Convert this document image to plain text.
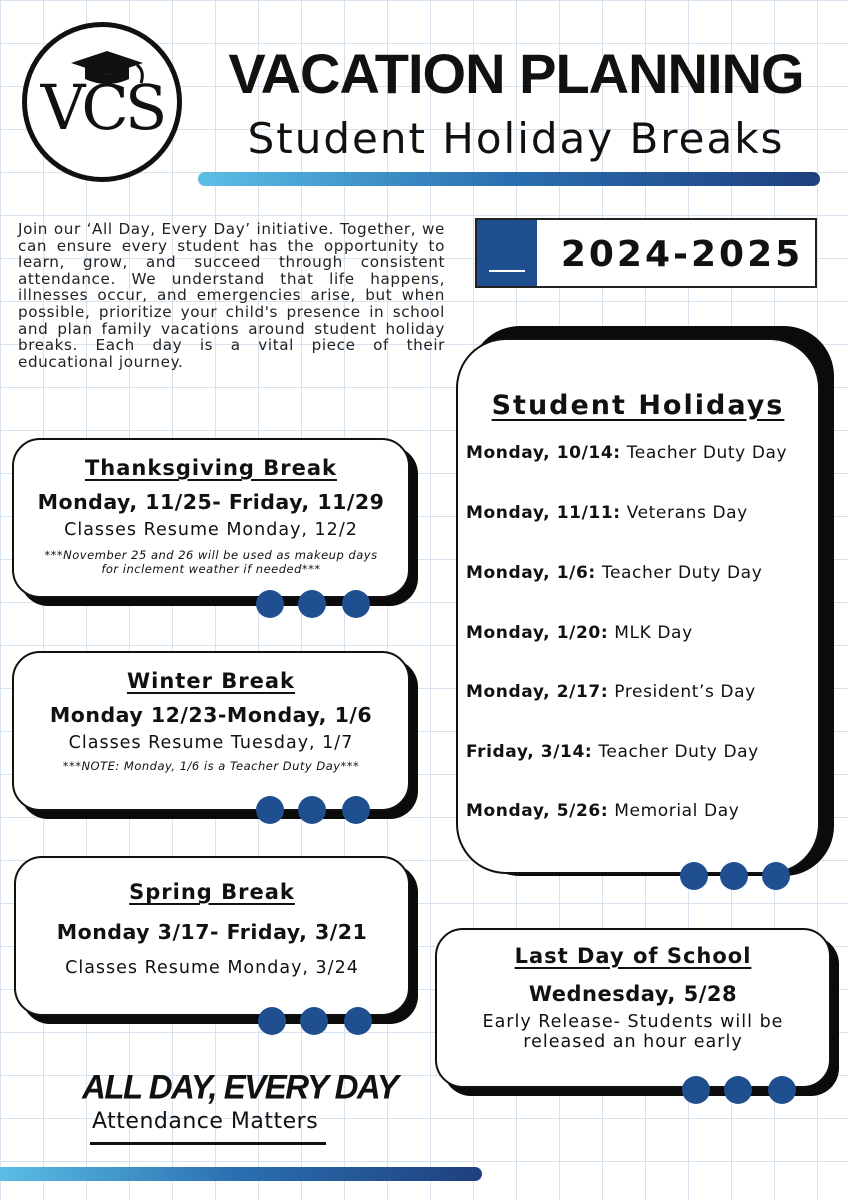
VCS	VACATION PLANNING
Student Holiday Breaks
Join our ‘All Day, Every Day’ initiative. Together, we can ensure every student has the opportunity to learn, grow, and succeed through consistent attendance. We understand that life happens, illnesses occur, and emergencies arise, but when possible, prioritize your child's presence in school and plan family vacations around student holiday breaks. Each day is a vital piece of their educational journey.
2024-2025
Thanksgiving Break
Monday, 11/25- Friday, 11/29
Classes Resume Monday, 12/2
***November 25 and 26 will be used as makeup days for inclement weather if needed***
Winter Break
Monday 12/23-Monday, 1/6
Classes Resume Tuesday, 1/7
***NOTE: Monday, 1/6 is a Teacher Duty Day***
Spring Break
Monday 3/17- Friday, 3/21
Classes Resume Monday, 3/24
Student Holidays
Monday, 10/14: Teacher Duty Day
Monday, 11/11: Veterans Day
Monday, 1/6: Teacher Duty Day
Monday, 1/20: MLK Day
Monday, 2/17: President’s Day
Friday, 3/14: Teacher Duty Day
Monday, 5/26: Memorial Day
Last Day of School
Wednesday, 5/28
Early Release- Students will be
released an hour early
ALL DAY, EVERY DAY
Attendance Matters
